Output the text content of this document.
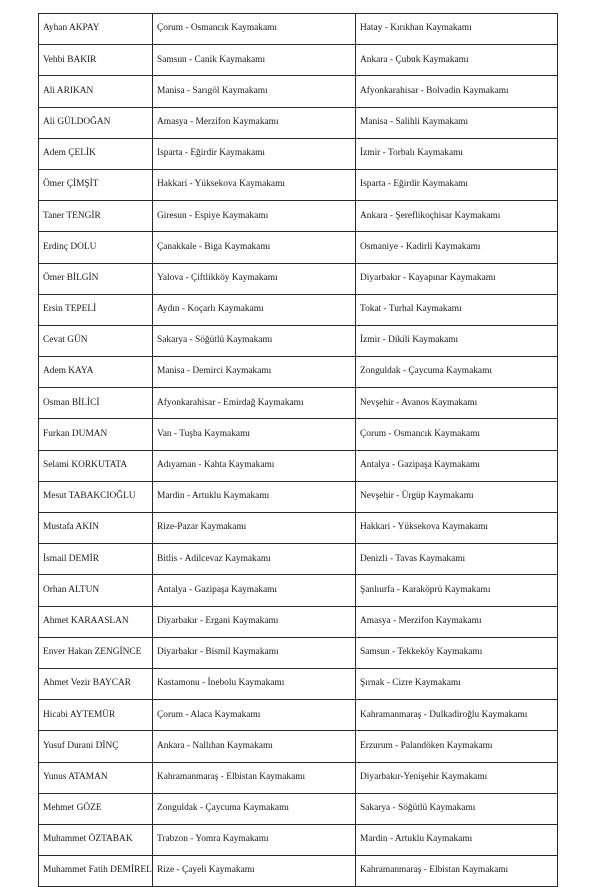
Ayhan AKPAY	Çorum - Osmancık Kaymakamı	Hatay - Kırıkhan Kaymakamı
Vehbi BAKIR	Samsun - Canik Kaymakamı	Ankara - Çubuk Kaymakamı
Ali ARIKAN	Manisa - Sarıgöl Kaymakamı	Afyonkarahisar - Bolvadin Kaymakamı
Ali GÜLDOĞAN	Amasya - Merzifon Kaymakamı	Manisa - Salihli Kaymakamı
Adem ÇELİK	Isparta - Eğirdir Kaymakamı	İzmir - Torbalı Kaymakamı
Ömer ÇİMŞİT	Hakkari - Yüksekova Kaymakamı	Isparta - Eğirdir Kaymakamı
Taner TENGİR	Giresun - Espiye Kaymakamı	Ankara - Şereflikoçhisar Kaymakamı
Erdinç DOLU	Çanakkale - Biga Kaymakamı	Osmaniye - Kadirli Kaymakamı
Ömer BİLGİN	Yalova - Çiftlikköy Kaymakamı	Diyarbakır - Kayapınar Kaymakamı
Ersin TEPELİ	Aydın - Koçarlı Kaymakamı	Tokat - Turhal Kaymakamı
Cevat GÜN	Sakarya - Söğütlü Kaymakamı	İzmir - Dikili Kaymakamı
Adem KAYA	Manisa - Demirci Kaymakamı	Zonguldak - Çaycuma Kaymakamı
Osman BİLİCİ	Afyonkarahisar - Emirdağ Kaymakamı	Nevşehir - Avanos Kaymakamı
Furkan DUMAN	Van - Tuşba Kaymakamı	Çorum - Osmancık Kaymakamı
Selami KORKUTATA	Adıyaman - Kahta Kaymakamı	Antalya - Gazipaşa Kaymakamı
Mesut TABAKCIOĞLU	Mardin - Artuklu Kaymakamı	Nevşehir - Ürgüp Kaymakamı
Mustafa AKIN	Rize-Pazar Kaymakamı	Hakkari - Yüksekova Kaymakamı
İsmail DEMİR	Bitlis - Adilcevaz Kaymakamı	Denizli - Tavas Kaymakamı
Orhan ALTUN	Antalya - Gazipaşa Kaymakamı	Şanlıurfa - Karaköprü Kaymakamı
Ahmet KARAASLAN	Diyarbakır - Ergani Kaymakamı	Amasya - Merzifon Kaymakamı
Enver Hakan ZENGİNCE	Diyarbakır - Bismil Kaymakamı	Samsun - Tekkeköy Kaymakamı
Ahmet Vezir BAYCAR	Kastamonu - İnebolu Kaymakamı	Şırnak - Cizre Kaymakamı
Hicabi AYTEMÜR	Çorum - Alaca Kaymakamı	Kahramanmaraş - Dulkadiroğlu Kaymakamı
Yusuf Durani DİNÇ	Ankara - Nallıhan Kaymakamı	Erzurum - Palandöken Kaymakamı
Yunus ATAMAN	Kahramanmaraş - Elbistan Kaymakamı	Diyarbakır-Yenişehir Kaymakamı
Mehmet GÖZE	Zonguldak - Çaycuma Kaymakamı	Sakarya - Söğütlü Kaymakamı
Muhammet ÖZTABAK	Trabzon - Yomra Kaymakamı	Mardin - Artuklu Kaymakamı
Muhammet Fatih DEMİREL	Rize - Çayeli Kaymakamı	Kahramanmaraş - Elbistan Kaymakamı
